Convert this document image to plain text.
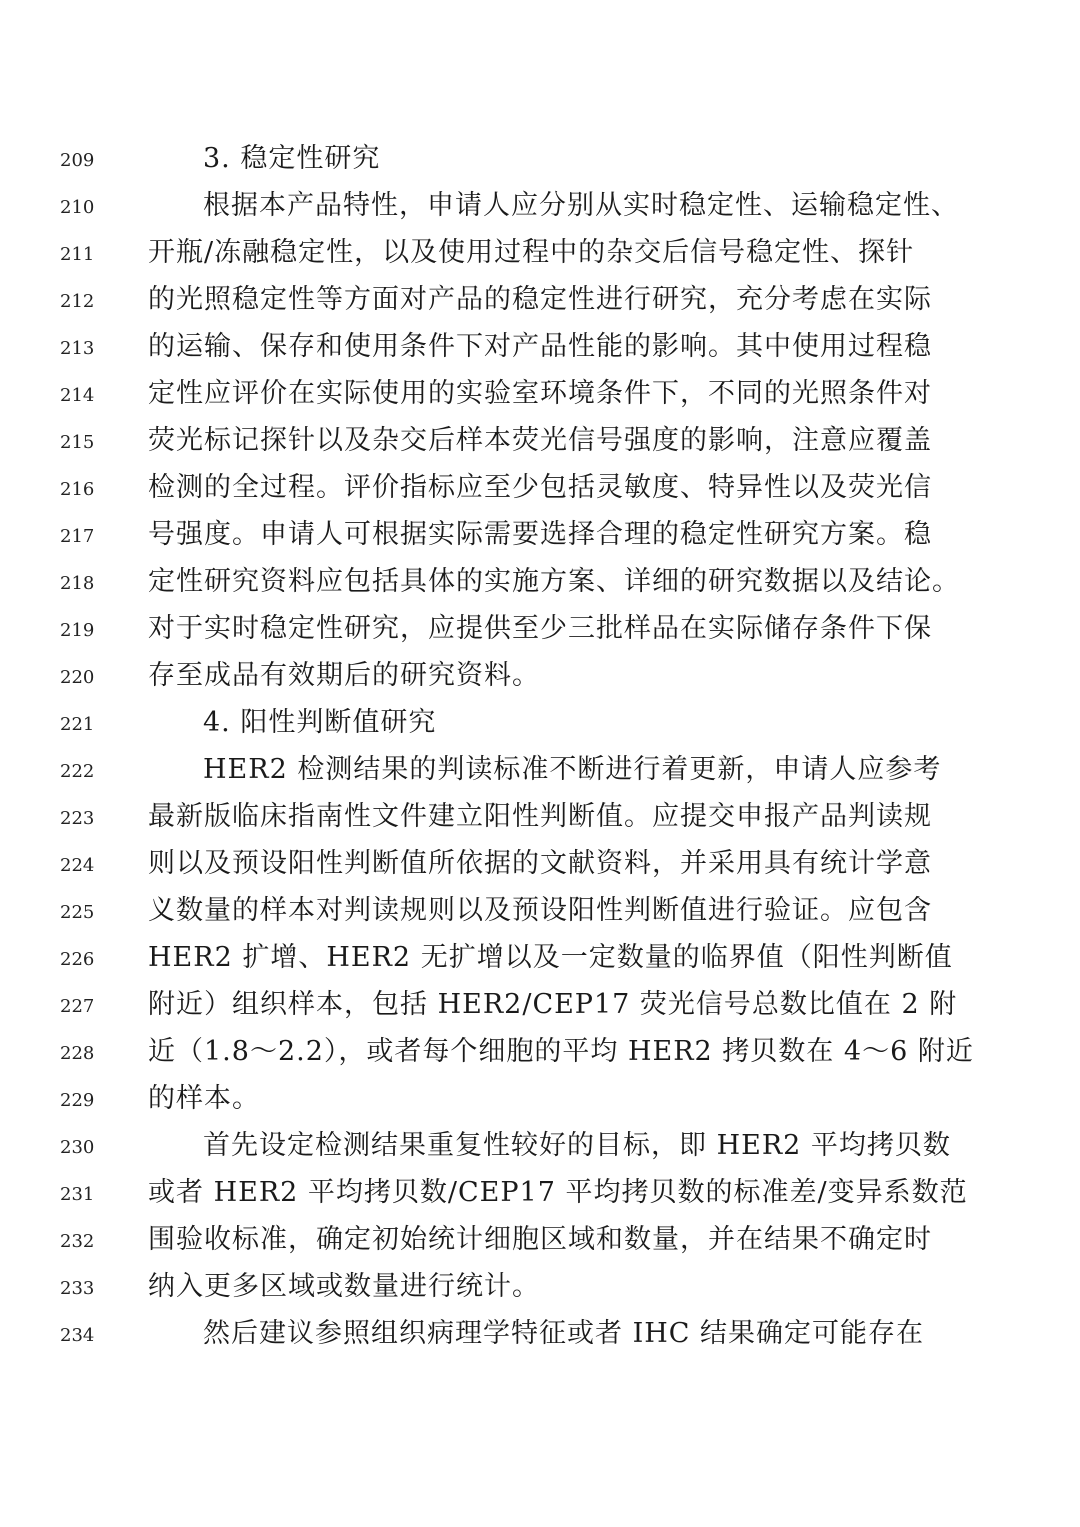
209	3. 稳定性研究
210	根据本产品特性，申请人应分别从实时稳定性、运输稳定性、
211	开瓶/冻融稳定性，以及使用过程中的杂交后信号稳定性、探针
212	的光照稳定性等方面对产品的稳定性进行研究，充分考虑在实际
213	的运输、保存和使用条件下对产品性能的影响。其中使用过程稳
214	定性应评价在实际使用的实验室环境条件下，不同的光照条件对
215	荧光标记探针以及杂交后样本荧光信号强度的影响，注意应覆盖
216	检测的全过程。评价指标应至少包括灵敏度、特异性以及荧光信
217	号强度。申请人可根据实际需要选择合理的稳定性研究方案。稳
218	定性研究资料应包括具体的实施方案、详细的研究数据以及结论。
219	对于实时稳定性研究，应提供至少三批样品在实际储存条件下保
220	存至成品有效期后的研究资料。
221	4. 阳性判断值研究
222	HER2 检测结果的判读标准不断进行着更新，申请人应参考
223	最新版临床指南性文件建立阳性判断值。应提交申报产品判读规
224	则以及预设阳性判断值所依据的文献资料，并采用具有统计学意
225	义数量的样本对判读规则以及预设阳性判断值进行验证。应包含
226	HER2 扩增、HER2 无扩增以及一定数量的临界值（阳性判断值
227	附近）组织样本，包括 HER2/CEP17 荧光信号总数比值在 2 附
228	近（1.8～2.2），或者每个细胞的平均 HER2 拷贝数在 4～6 附近
229	的样本。
230	首先设定检测结果重复性较好的目标，即 HER2 平均拷贝数
231	或者 HER2 平均拷贝数/CEP17 平均拷贝数的标准差/变异系数范
232	围验收标准，确定初始统计细胞区域和数量，并在结果不确定时
233	纳入更多区域或数量进行统计。
234	然后建议参照组织病理学特征或者 IHC 结果确定可能存在
